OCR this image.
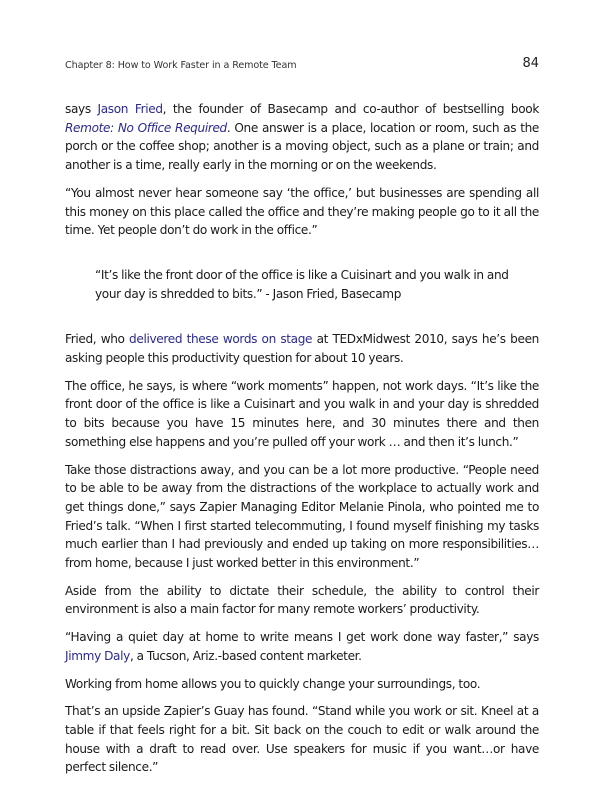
Chapter 8: How to Work Faster in a Remote Team	84

says Jason Fried, the founder of Basecamp and co-author of bestselling book Remote: No Office Required. One answer is a place, location or room, such as the porch or the coffee shop; another is a moving object, such as a plane or train; and another is a time, really early in the morning or on the weekends.

“You almost never hear someone say ‘the office,’ but businesses are spending all this money on this place called the office and they’re making people go to it all the time. Yet people don’t do work in the office.”

“It’s like the front door of the office is like a Cuisinart and you walk in and your day is shredded to bits.” - Jason Fried, Basecamp

Fried, who delivered these words on stage at TEDxMidwest 2010, says he’s been asking people this productivity question for about 10 years.

The office, he says, is where “work moments” happen, not work days. “It’s like the front door of the office is like a Cuisinart and you walk in and your day is shredded to bits because you have 15 minutes here, and 30 minutes there and then something else happens and you’re pulled off your work … and then it’s lunch.”

Take those distractions away, and you can be a lot more productive. “People need to be able to be away from the distractions of the workplace to actually work and get things done,” says Zapier Managing Editor Melanie Pinola, who pointed me to Fried’s talk. “When I first started telecommuting, I found myself finishing my tasks much earlier than I had previously and ended up taking on more responsibilities…from home, because I just worked better in this environment.”

Aside from the ability to dictate their schedule, the ability to control their environment is also a main factor for many remote workers’ productivity.

“Having a quiet day at home to write means I get work done way faster,” says Jimmy Daly, a Tucson, Ariz.-based content marketer.

Working from home allows you to quickly change your surroundings, too.

That’s an upside Zapier’s Guay has found. “Stand while you work or sit. Kneel at a table if that feels right for a bit. Sit back on the couch to edit or walk around the house with a draft to read over. Use speakers for music if you want…or have perfect silence.”
